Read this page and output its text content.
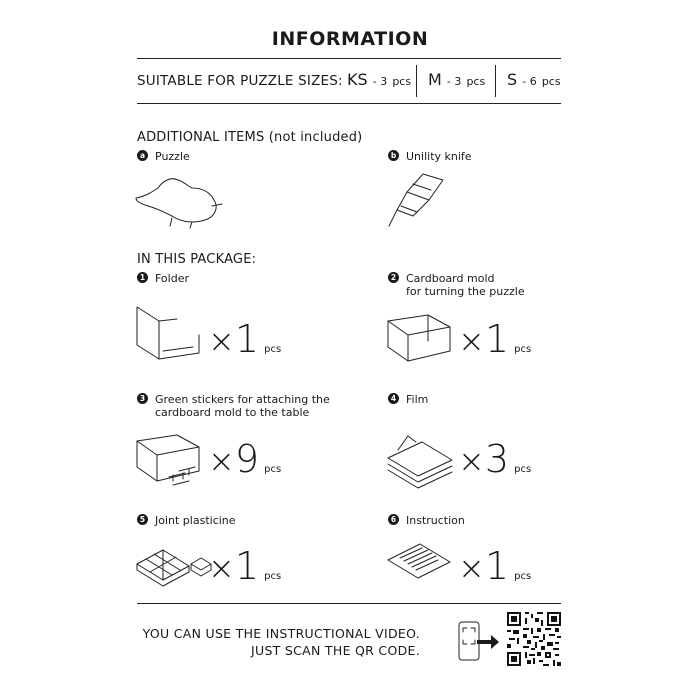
INFORMATION
SUITABLE FOR PUZZLE SIZES: KS - 3 pcs M - 3 pcs S - 6 pcs
ADDITIONAL ITEMS (not included)
a Puzzle	b Unility knife
IN THIS PACKAGE:
1 Folder
×1 pcs
2 Cardboard mold
for turning the puzzle
×1 pcs
3 Green stickers for attaching the
cardboard mold to the table
×9 pcs
4 Film
×3 pcs
5 Joint plasticine
×1 pcs
6 Instruction
×1 pcs
YOU CAN USE THE INSTRUCTIONAL VIDEO.
JUST SCAN THE QR CODE.
